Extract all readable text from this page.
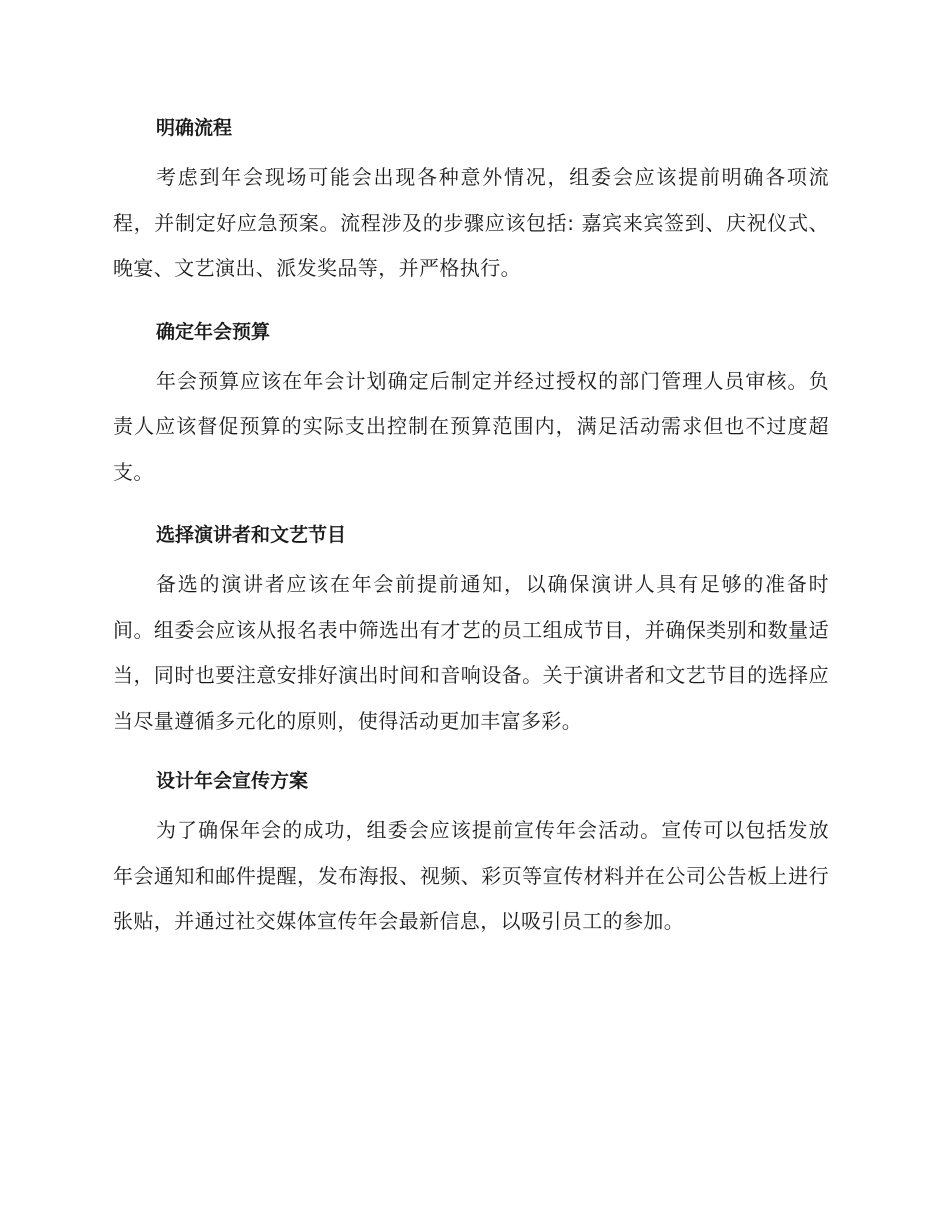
明确流程

考虑到年会现场可能会出现各种意外情况，组委会应该提前明确各项流程，并制定好应急预案。流程涉及的步骤应该包括: 嘉宾来宾签到、庆祝仪式、晚宴、文艺演出、派发奖品等，并严格执行。

确定年会预算

年会预算应该在年会计划确定后制定并经过授权的部门管理人员审核。负责人应该督促预算的实际支出控制在预算范围内，满足活动需求但也不过度超支。

选择演讲者和文艺节目

备选的演讲者应该在年会前提前通知，以确保演讲人具有足够的准备时间。组委会应该从报名表中筛选出有才艺的员工组成节目，并确保类别和数量适当，同时也要注意安排好演出时间和音响设备。关于演讲者和文艺节目的选择应当尽量遵循多元化的原则，使得活动更加丰富多彩。

设计年会宣传方案

为了确保年会的成功，组委会应该提前宣传年会活动。宣传可以包括发放年会通知和邮件提醒，发布海报、视频、彩页等宣传材料并在公司公告板上进行张贴，并通过社交媒体宣传年会最新信息，以吸引员工的参加。
